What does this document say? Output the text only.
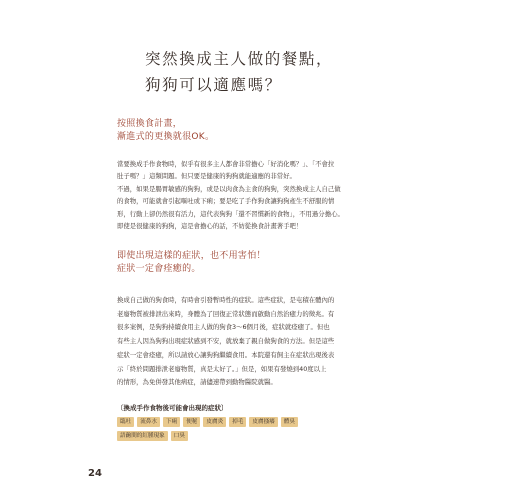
突然換成主人做的餐點，
狗狗可以適應嗎？
按照換食計畫，
漸進式的更換就很OK。
當要換成手作食物時，似乎有很多主人都會非常擔心「好消化嗎？」、「不會拉
肚子嗎？」這類問題。但只要是健康的狗狗就能適應的非常好。
不過，如果是腸胃敏感的狗狗，或是以肉食為主食的狗狗，突然換成主人自己做
的食物，可能就會引起嘔吐或下痢；要是吃了手作狗食讓狗狗產生不舒服的情
形，行動上卻仍然很有活力，這代表狗狗「還不習慣新的食物」，不用過分擔心。
即使是很健康的狗狗，這是會擔心的話，不妨從換食計畫著手吧！
即使出現這樣的症狀，也不用害怕！
症狀一定會痊癒的。
換成自己做的狗食時，有時會引發暫時性的症狀。這些症狀，是屯積在體內的
老廢物質被排泄出來時，身體為了回復正常狀態而啟動自然治癒力的徵兆。有
很多案例，是狗狗持續食用主人做的狗食3～6個月後，症狀就痊癒了。但也
有些主人因為狗狗出現症狀感到不安，就放棄了親自做狗食的方法。但是這些
症狀一定會痊癒，所以請放心讓狗狗繼續食用。本院還有飼主在症狀出現後表
示「終於問題排泄老廢物質，真是太好了。」但是，如果有發燒到40度以上
的情形，為免併發其他病症，請儘速帶到動物醫院就醫。

〔換成手作食物後可能會出現的症狀〕

臨吐	流鼻水	下痢	便秘	皮膚炎	掉毛	皮膚搔癢	體臭
語齣間的紅腫現象	口臭

24
